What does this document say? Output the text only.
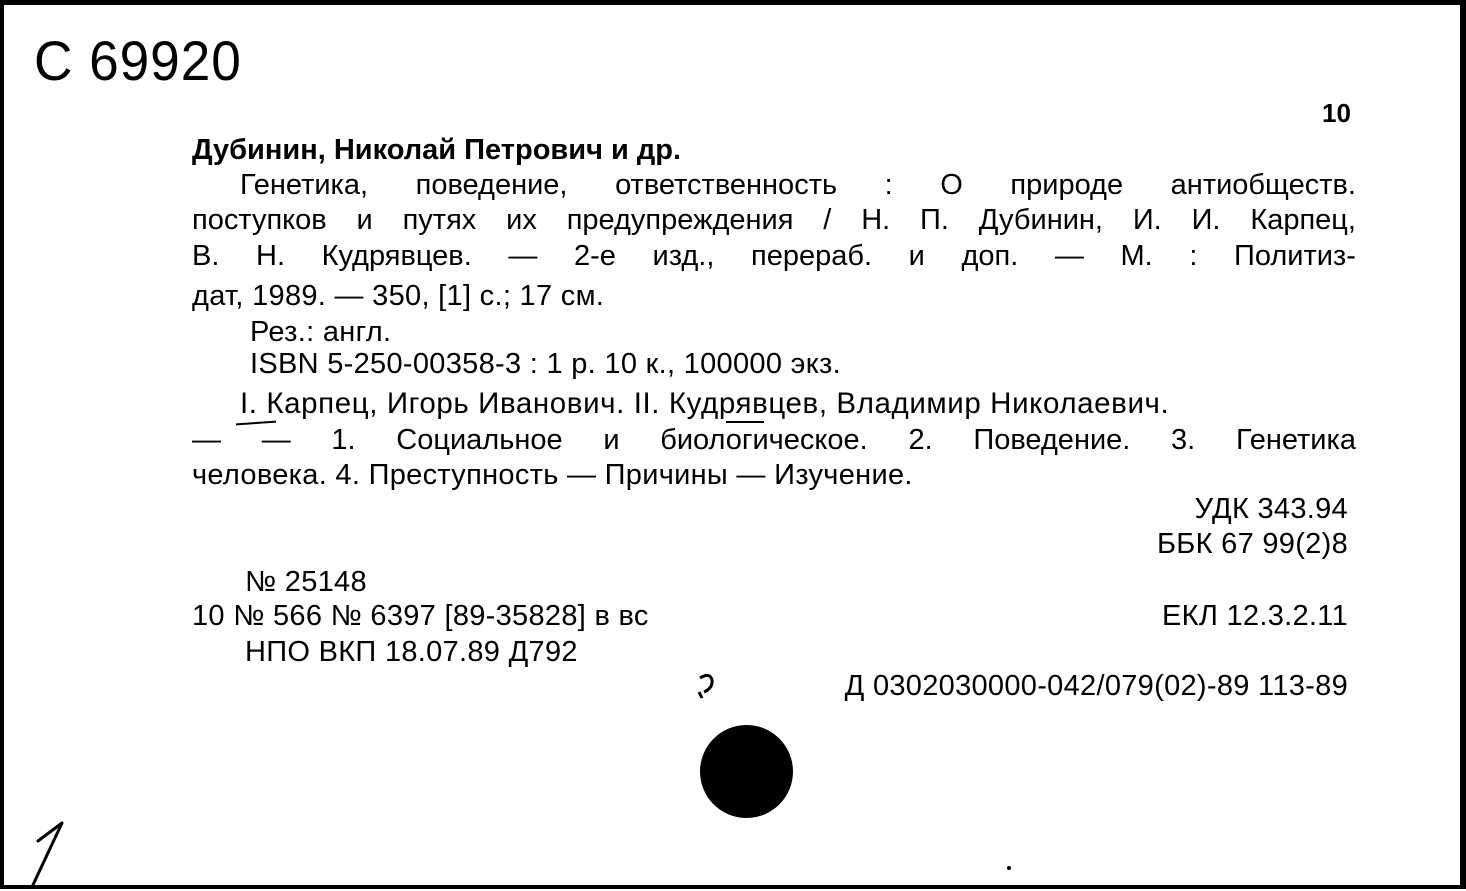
С 69920
10
Дубинин, Николай Петрович и др.
Генетика, поведение, ответственность : О природе антиобществ.
поступков и путях их предупреждения / Н. П. Дубинин, И. И. Карпец,
В. Н. Кудрявцев. — 2-е изд., перераб. и доп. — М. : Политиз-
дат, 1989. — 350, [1] с.; 17 см.
Рез.: англ.
ISBN 5-250-00358-3 : 1 р. 10 к., 100000 экз.
I. Карпец, Игорь Иванович. II. Кудрявцев, Владимир Николаевич.
— — 1. Социальное и биологическое. 2. Поведение. 3. Генетика
человека. 4. Преступность — Причины — Изучение.
УДК 343.94
ББК 67 99(2)8
№ 25148
10 № 566 № 6397 [89-35828] в вс	ЕКЛ 12.3.2.11
НПО ВКП 18.07.89 Д792
Д 0302030000-042/079(02)-89 113-89
